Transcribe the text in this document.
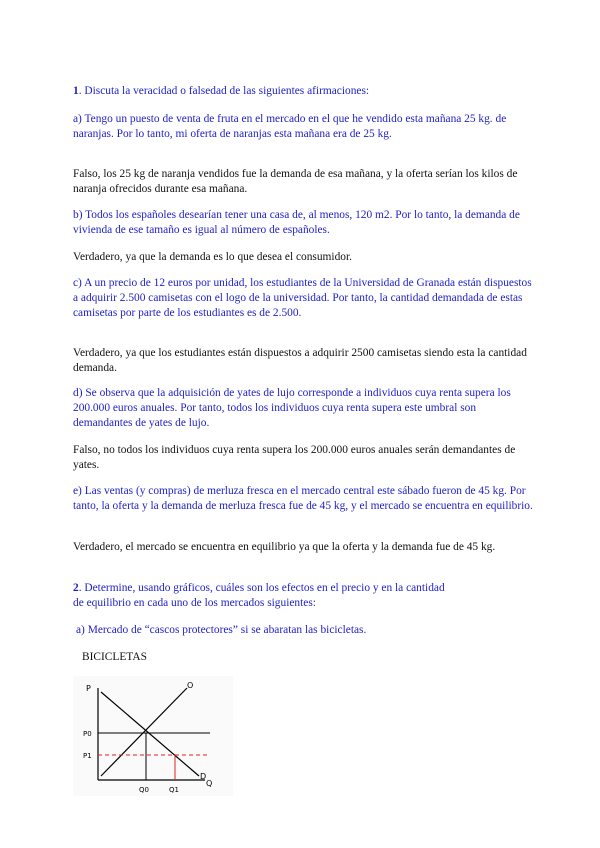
1. Discuta la veracidad o falsedad de las siguientes afirmaciones:

a) Tengo un puesto de venta de fruta en el mercado en el que he vendido esta mañana 25 kg. de naranjas. Por lo tanto, mi oferta de naranjas esta mañana era de 25 kg.

Falso, los 25 kg de naranja vendidos fue la demanda de esa mañana, y la oferta serían los kilos de naranja ofrecidos durante esa mañana.

b) Todos los españoles desearían tener una casa de, al menos, 120 m2. Por lo tanto, la demanda de vivienda de ese tamaño es igual al número de españoles.

Verdadero, ya que la demanda es lo que desea el consumidor.

c) A un precio de 12 euros por unidad, los estudiantes de la Universidad de Granada están dispuestos a adquirir 2.500 camisetas con el logo de la universidad. Por tanto, la cantidad demandada de estas camisetas por parte de los estudiantes es de 2.500.

Verdadero, ya que los estudiantes están dispuestos a adquirir 2500 camisetas siendo esta la cantidad demanda.

d) Se observa que la adquisición de yates de lujo corresponde a individuos cuya renta supera los 200.000 euros anuales. Por tanto, todos los individuos cuya renta supera este umbral son demandantes de yates de lujo.

Falso, no todos los individuos cuya renta supera los 200.000 euros anuales serán demandantes de yates.

e) Las ventas (y compras) de merluza fresca en el mercado central este sábado fueron de 45 kg. Por tanto, la oferta y la demanda de merluza fresca fue de 45 kg, y el mercado se encuentra en equilibrio.

Verdadero, el mercado se encuentra en equilibrio ya que la oferta y la demanda fue de 45 kg.

2. Determine, usando gráficos, cuáles son los efectos en el precio y en la cantidad de equilibrio en cada uno de los mercados siguientes:

a) Mercado de “cascos protectores” si se abaratan las bicicletas.

BICICLETAS

P	O
D
Q
P0
P1
Q0	Q1
